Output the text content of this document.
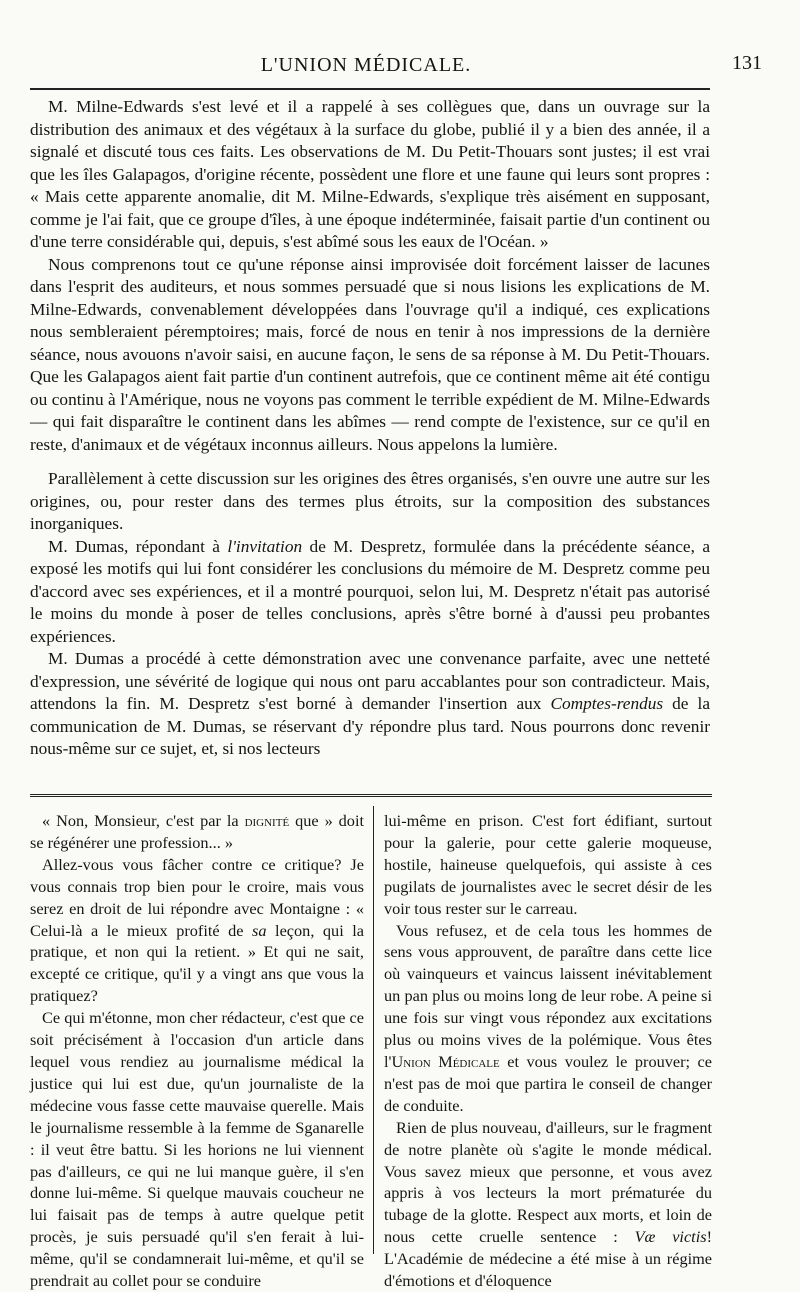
L'UNION MÉDICALE.	131

M. Milne-Edwards s'est levé et il a rappelé à ses collègues que, dans un ouvrage sur la distribution des animaux et des végétaux à la surface du globe, publié il y a bien des année, il a signalé et discuté tous ces faits. Les observations de M. Du Petit-Thouars sont justes; il est vrai que les îles Galapagos, d'origine récente, possèdent une flore et une faune qui leurs sont propres : « Mais cette apparente anomalie, dit M. Milne-Edwards, s'explique très aisément en supposant, comme je l'ai fait, que ce groupe d'îles, à une époque indéterminée, faisait partie d'un continent ou d'une terre considérable qui, depuis, s'est abîmé sous les eaux de l'Océan. »

Nous comprenons tout ce qu'une réponse ainsi improvisée doit forcément laisser de lacunes dans l'esprit des auditeurs, et nous sommes persuadé que si nous lisions les explications de M. Milne-Edwards, convenablement développées dans l'ouvrage qu'il a indiqué, ces explications nous sembleraient péremptoires; mais, forcé de nous en tenir à nos impressions de la dernière séance, nous avouons n'avoir saisi, en aucune façon, le sens de sa réponse à M. Du Petit-Thouars. Que les Galapagos aient fait partie d'un continent autrefois, que ce continent même ait été contigu ou continu à l'Amérique, nous ne voyons pas comment le terrible expédient de M. Milne-Edwards — qui fait disparaître le continent dans les abîmes — rend compte de l'existence, sur ce qu'il en reste, d'animaux et de végétaux inconnus ailleurs. Nous appelons la lumière.

Parallèlement à cette discussion sur les origines des êtres organisés, s'en ouvre une autre sur les origines, ou, pour rester dans des termes plus étroits, sur la composition des substances inorganiques.

M. Dumas, répondant à l'invitation de M. Despretz, formulée dans la précédente séance, a exposé les motifs qui lui font considérer les conclusions du mémoire de M. Despretz comme peu d'accord avec ses expériences, et il a montré pourquoi, selon lui, M. Despretz n'était pas autorisé le moins du monde à poser de telles conclusions, après s'être borné à d'aussi peu probantes expériences.

M. Dumas a procédé à cette démonstration avec une convenance parfaite, avec une netteté d'expression, une sévérité de logique qui nous ont paru accablantes pour son contradicteur. Mais, attendons la fin. M. Despretz s'est borné à demander l'insertion aux Comptes-rendus de la communication de M. Dumas, se réservant d'y répondre plus tard. Nous pourrons donc revenir nous-même sur ce sujet, et, si nos lecteurs

« Non, Monsieur, c'est par la dignité que » doit se régénérer une profession... »

Allez-vous vous fâcher contre ce critique? Je vous connais trop bien pour le croire, mais vous serez en droit de lui répondre avec Montaigne : « Celui-là a le mieux profité de sa leçon, qui la pratique, et non qui la retient. » Et qui ne sait, excepté ce critique, qu'il y a vingt ans que vous la pratiquez?

Ce qui m'étonne, mon cher rédacteur, c'est que ce soit précisément à l'occasion d'un article dans lequel vous rendiez au journalisme médical la justice qui lui est due, qu'un journaliste de la médecine vous fasse cette mauvaise querelle. Mais le journalisme ressemble à la femme de Sganarelle : il veut être battu. Si les horions ne lui viennent pas d'ailleurs, ce qui ne lui manque guère, il s'en donne lui-même. Si quelque mauvais coucheur ne lui faisait pas de temps à autre quelque petit procès, je suis persuadé qu'il s'en ferait à lui-même, qu'il se condamnerait lui-même, et qu'il se prendrait au collet pour se conduire

lui-même en prison. C'est fort édifiant, surtout pour la galerie, pour cette galerie moqueuse, hostile, haineuse quelquefois, qui assiste à ces pugilats de journalistes avec le secret désir de les voir tous rester sur le carreau.

Vous refusez, et de cela tous les hommes de sens vous approuvent, de paraître dans cette lice où vainqueurs et vaincus laissent inévitablement un pan plus ou moins long de leur robe. A peine si une fois sur vingt vous répondez aux excitations plus ou moins vives de la polémique. Vous êtes l'Union Médicale et vous voulez le prouver; ce n'est pas de moi que partira le conseil de changer de conduite.

Rien de plus nouveau, d'ailleurs, sur le fragment de notre planète où s'agite le monde médical. Vous savez mieux que personne, et vous avez appris à vos lecteurs la mort prématurée du tubage de la glotte. Respect aux morts, et loin de nous cette cruelle sentence : Væ victis! L'Académie de médecine a été mise à un régime d'émotions et d'éloquence
